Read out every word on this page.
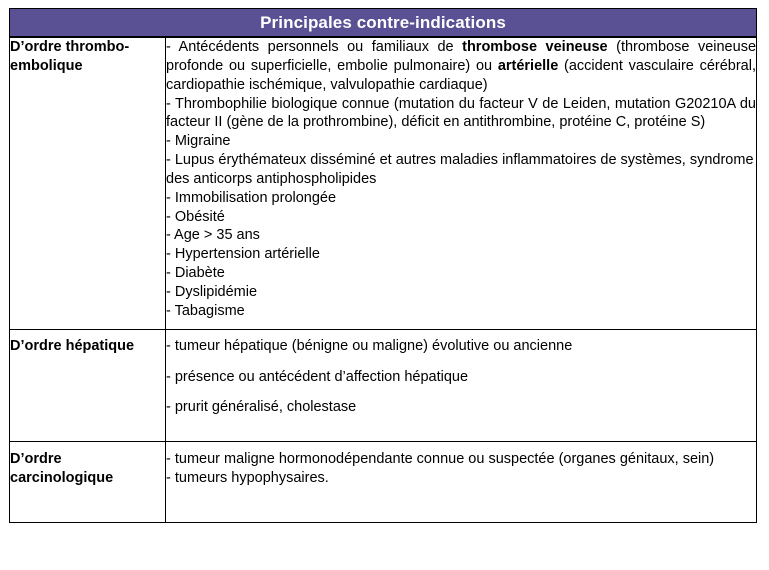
Principales contre-indications
D’ordre thrombo-embolique	

- Antécédents personnels ou familiaux de thrombose veineuse (thrombose veineuse profonde ou superficielle, embolie pulmonaire) ou artérielle (accident vasculaire cérébral, cardiopathie ischémique, valvulopathie cardiaque)

- Thrombophilie biologique connue (mutation du facteur V de Leiden, mutation G20210A du facteur II (gène de la prothrombine), déficit en antithrombine, protéine C, protéine S)

- Migraine

- Lupus érythémateux disséminé et autres maladies inflammatoires de systèmes, syndrome des anticorps antiphospholipides

- Immobilisation prolongée

- Obésité

- Age > 35 ans

- Hypertension artérielle

- Diabète

- Dyslipidémie

- Tabagisme

D’ordre hépatique	- tumeur hépatique (bénigne ou maligne) évolutive ou ancienne

- présence ou antécédent d’affection hépatique

- prurit généralisé, cholestase

D’ordre carcinologique	- tumeur maligne hormonodépendante connue ou suspectée (organes génitaux, sein)

- tumeurs hypophysaires.
